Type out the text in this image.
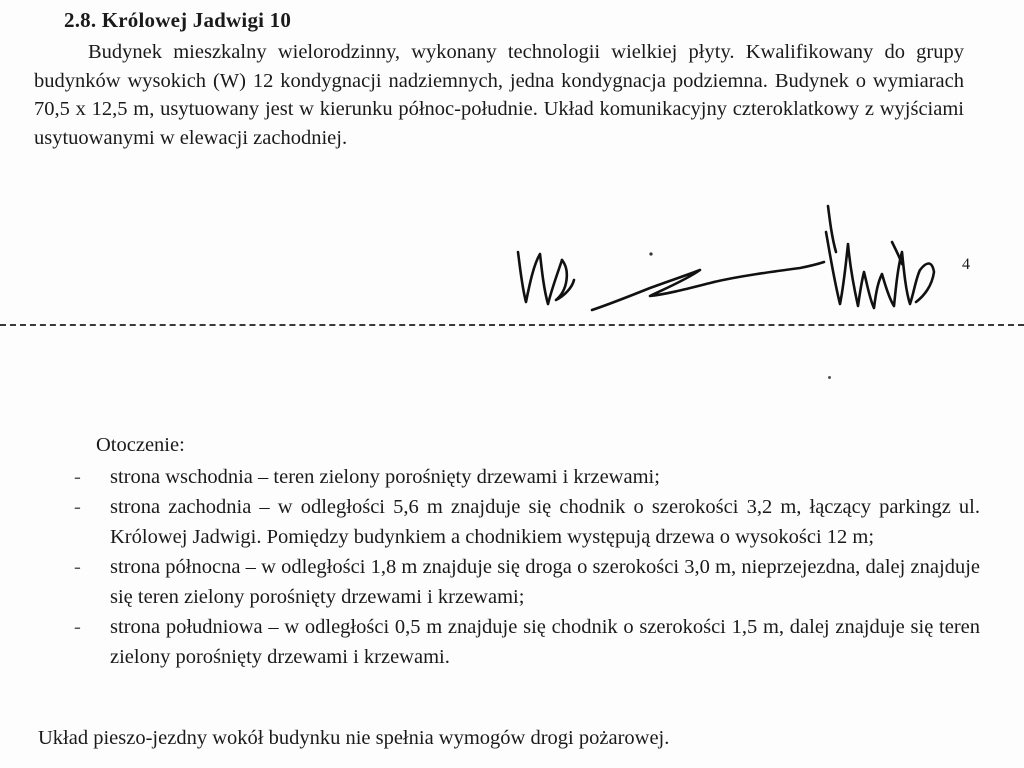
2.8. Królowej Jadwigi 10

Budynek mieszkalny wielorodzinny, wykonany technologii wielkiej płyty. Kwalifikowany do grupy budynków wysokich (W) 12 kondygnacji nadziemnych, jedna kondygnacja podziemna. Budynek o wymiarach 70,5 x 12,5 m, usytuowany jest w kierunku północ-południe. Układ komunikacyjny czteroklatkowy z wyjściami usytuowanymi w elewacji zachodniej.

4
Otoczenie:
- strona wschodnia – teren zielony porośnięty drzewami i krzewami;
- strona zachodnia – w odległości 5,6 m znajduje się chodnik o szerokości 3,2 m, łączący parkingz ul. Królowej Jadwigi. Pomiędzy budynkiem a chodnikiem występują drzewa o wysokości 12 m;
- strona północna – w odległości 1,8 m znajduje się droga o szerokości 3,0 m, nieprzejezdna, dalej znajduje się teren zielony porośnięty drzewami i krzewami;
- strona południowa – w odległości 0,5 m znajduje się chodnik o szerokości 1,5 m, dalej znajduje się teren zielony porośnięty drzewami i krzewami.
Układ pieszo-jezdny wokół budynku nie spełnia wymogów drogi pożarowej.
